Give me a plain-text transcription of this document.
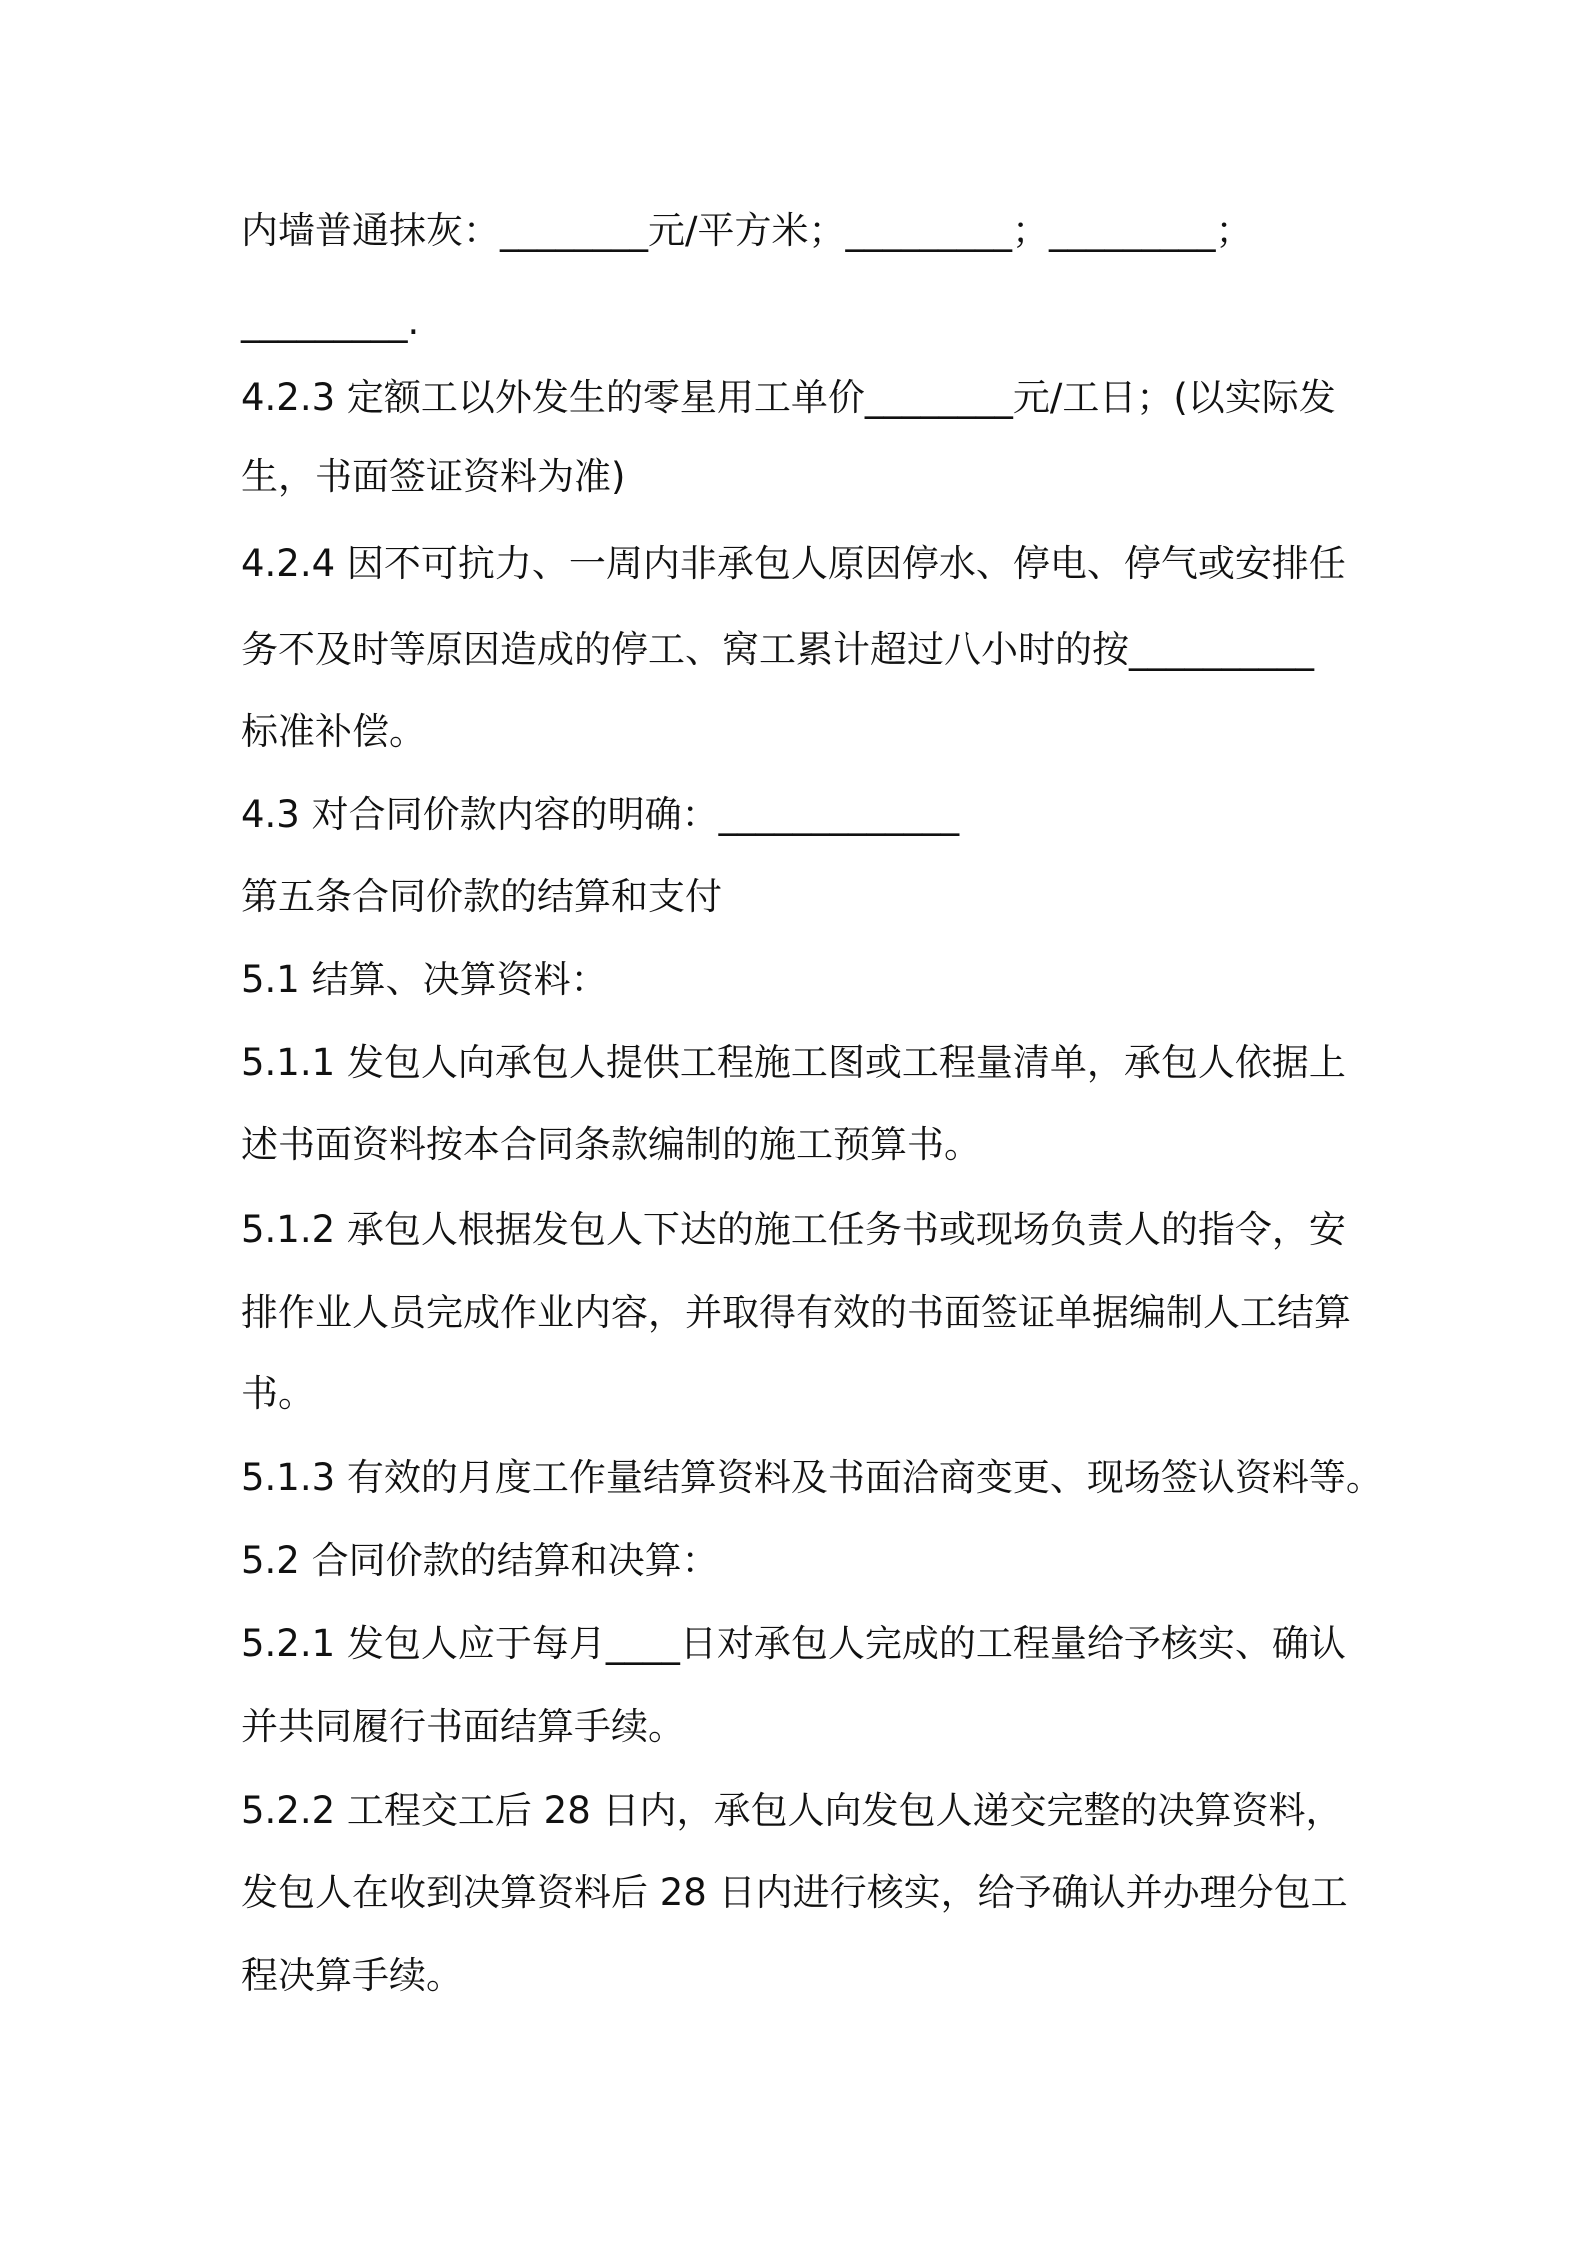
内墙普通抹灰：________元/平方米；_________；_________；
_________.
4.2.3 定额工以外发生的零星用工单价________元/工日；(以实际发
生，书面签证资料为准)
4.2.4 因不可抗力、一周内非承包人原因停水、停电、停气或安排任
务不及时等原因造成的停工、窝工累计超过八小时的按__________
标准补偿。
4.3 对合同价款内容的明确：_____________
第五条合同价款的结算和支付
5.1 结算、决算资料：
5.1.1 发包人向承包人提供工程施工图或工程量清单，承包人依据上
述书面资料按本合同条款编制的施工预算书。
5.1.2 承包人根据发包人下达的施工任务书或现场负责人的指令，安
排作业人员完成作业内容，并取得有效的书面签证单据编制人工结算
书。
5.1.3 有效的月度工作量结算资料及书面洽商变更、现场签认资料等。
5.2 合同价款的结算和决算：
5.2.1 发包人应于每月____日对承包人完成的工程量给予核实、确认
并共同履行书面结算手续。
5.2.2 工程交工后 28 日内，承包人向发包人递交完整的决算资料，
发包人在收到决算资料后 28 日内进行核实，给予确认并办理分包工
程决算手续。
